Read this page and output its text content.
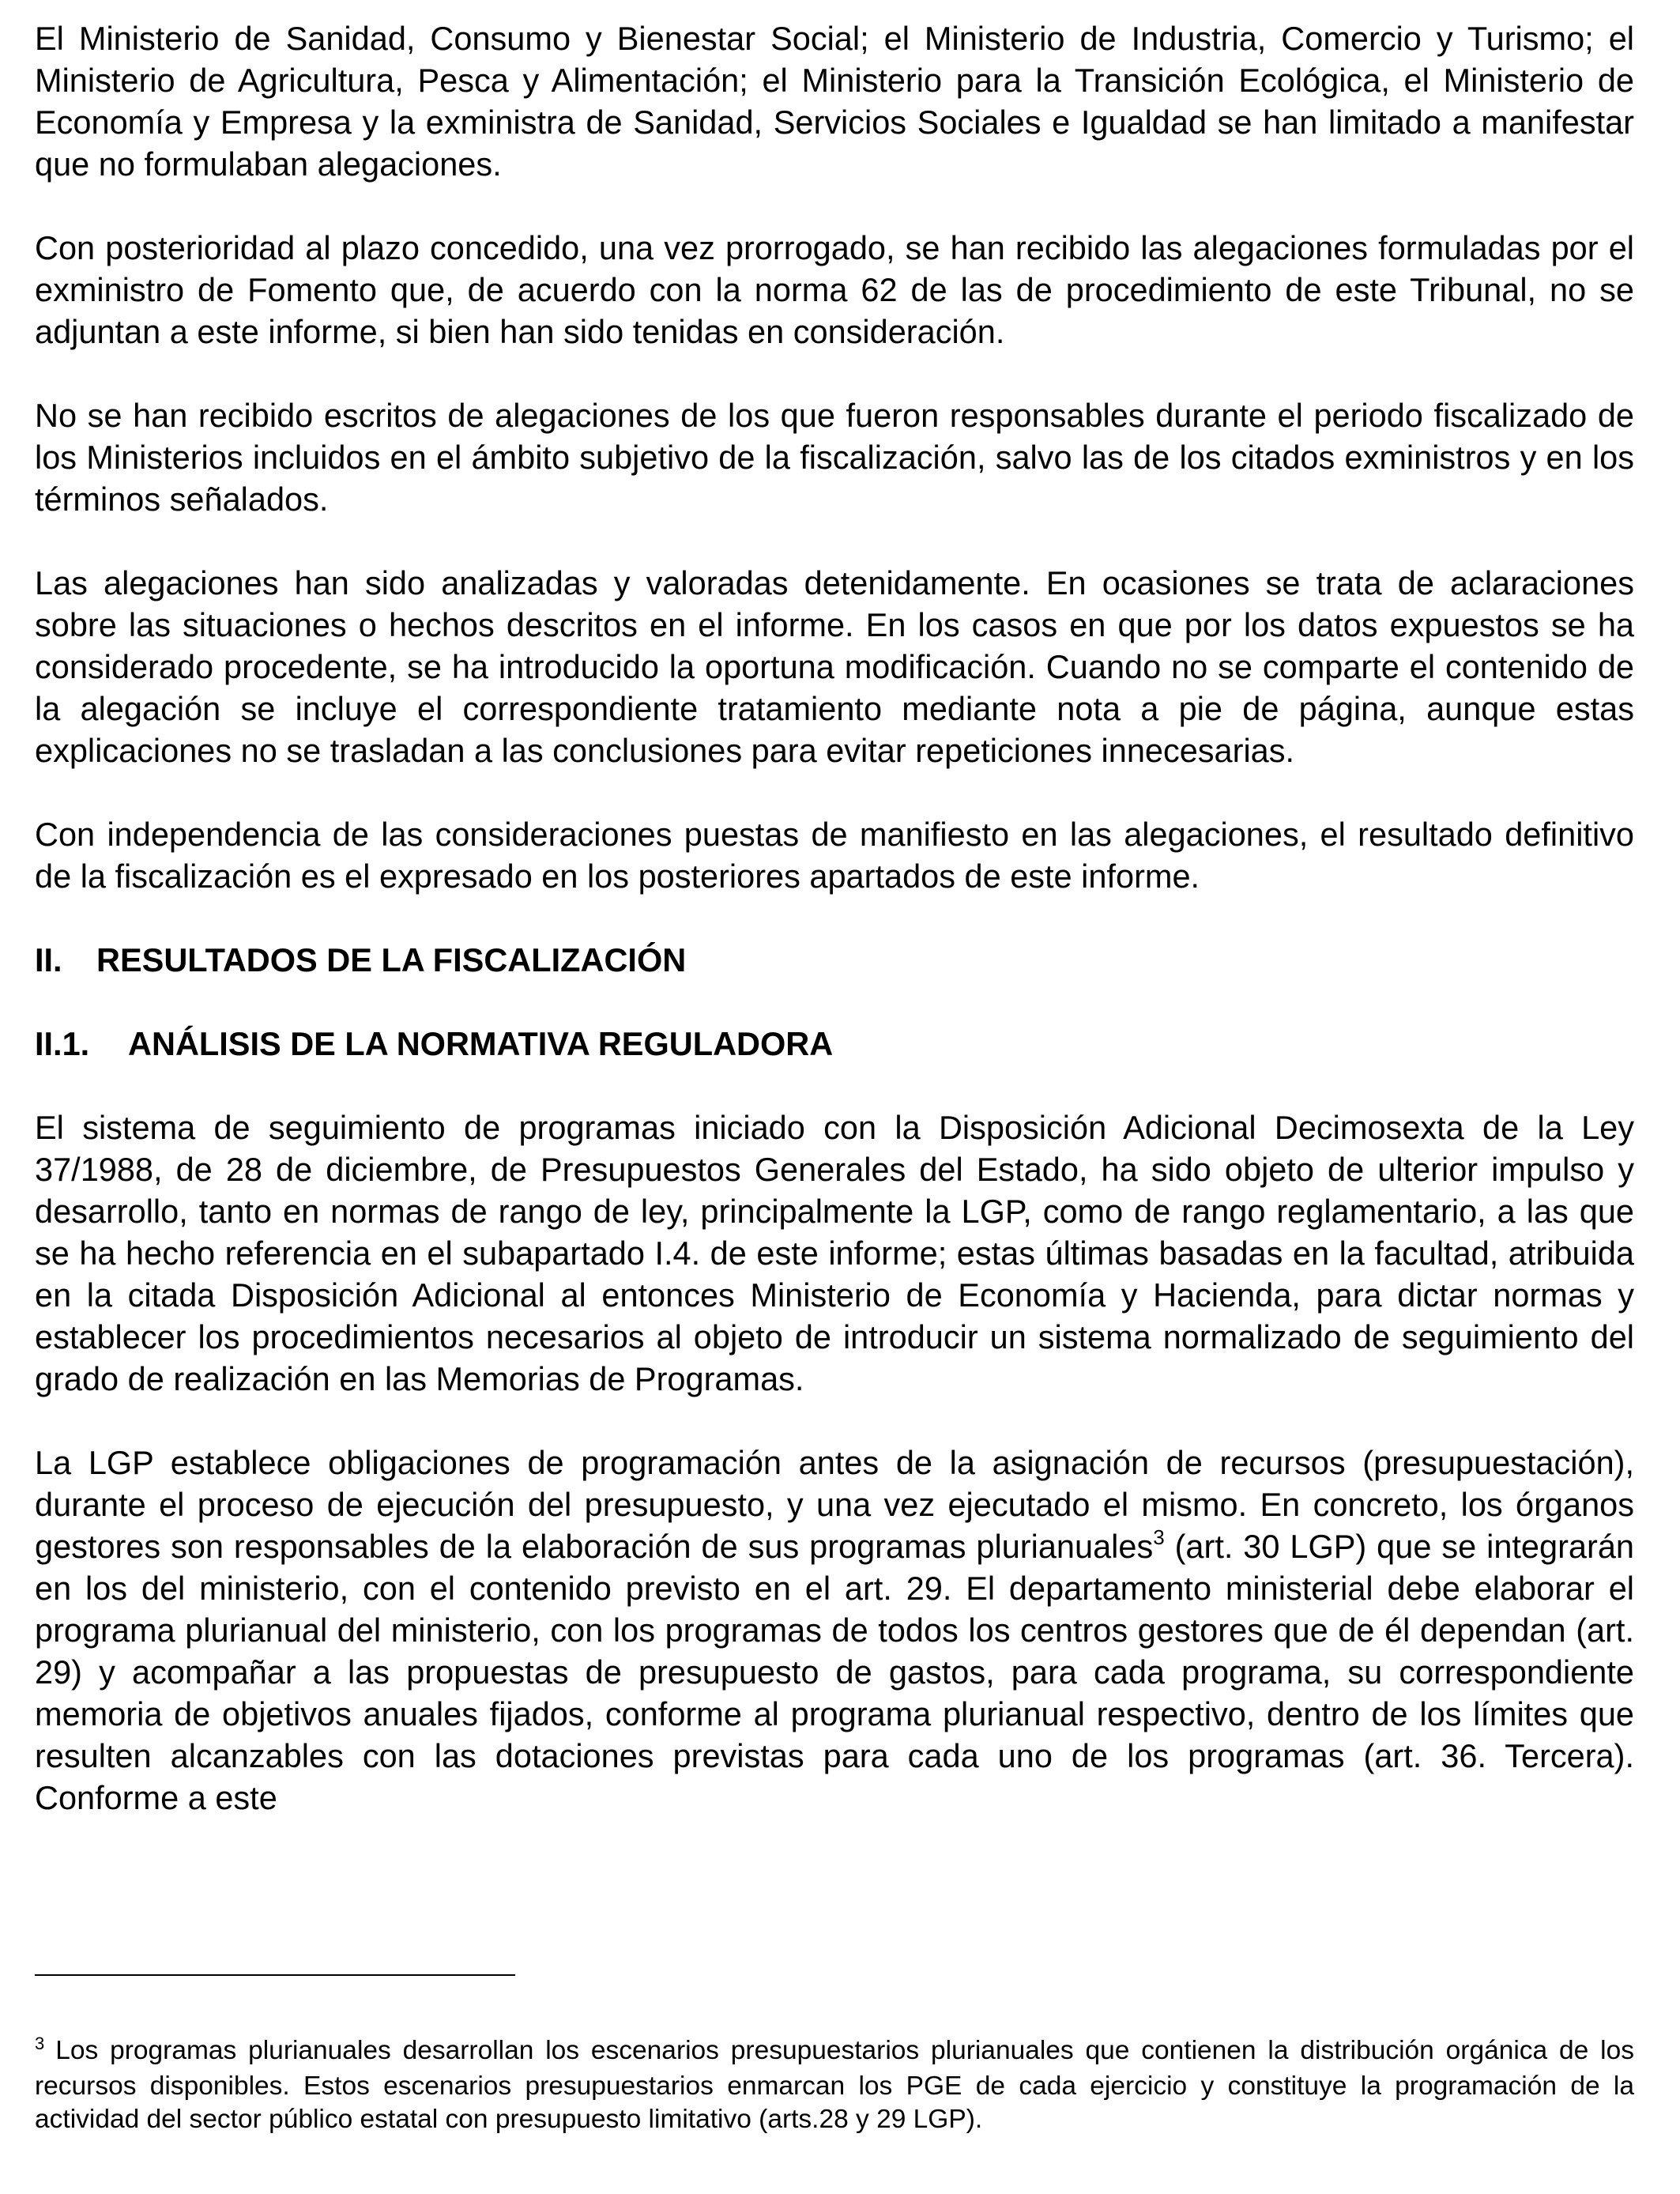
El Ministerio de Sanidad, Consumo y Bienestar Social; el Ministerio de Industria, Comercio y Turismo; el Ministerio de Agricultura, Pesca y Alimentación; el Ministerio para la Transición Ecológica, el Ministerio de Economía y Empresa y la exministra de Sanidad, Servicios Sociales e Igualdad se han limitado a manifestar que no formulaban alegaciones.

Con posterioridad al plazo concedido, una vez prorrogado, se han recibido las alegaciones formuladas por el exministro de Fomento que, de acuerdo con la norma 62 de las de procedimiento de este Tribunal, no se adjuntan a este informe, si bien han sido tenidas en consideración.

No se han recibido escritos de alegaciones de los que fueron responsables durante el periodo fiscalizado de los Ministerios incluidos en el ámbito subjetivo de la fiscalización, salvo las de los citados exministros y en los términos señalados.

Las alegaciones han sido analizadas y valoradas detenidamente. En ocasiones se trata de aclaraciones sobre las situaciones o hechos descritos en el informe. En los casos en que por los datos expuestos se ha considerado procedente, se ha introducido la oportuna modificación. Cuando no se comparte el contenido de la alegación se incluye el correspondiente tratamiento mediante nota a pie de página, aunque estas explicaciones no se trasladan a las conclusiones para evitar repeticiones innecesarias.

Con independencia de las consideraciones puestas de manifiesto en las alegaciones, el resultado definitivo de la fiscalización es el expresado en los posteriores apartados de este informe.

II. RESULTADOS DE LA FISCALIZACIÓN
II.1. ANÁLISIS DE LA NORMATIVA REGULADORA

El sistema de seguimiento de programas iniciado con la Disposición Adicional Decimosexta de la Ley 37/1988, de 28 de diciembre, de Presupuestos Generales del Estado, ha sido objeto de ulterior impulso y desarrollo, tanto en normas de rango de ley, principalmente la LGP, como de rango reglamentario, a las que se ha hecho referencia en el subapartado I.4. de este informe; estas últimas basadas en la facultad, atribuida en la citada Disposición Adicional al entonces Ministerio de Economía y Hacienda, para dictar normas y establecer los procedimientos necesarios al objeto de introducir un sistema normalizado de seguimiento del grado de realización en las Memorias de Programas.

La LGP establece obligaciones de programación antes de la asignación de recursos (presupuestación), durante el proceso de ejecución del presupuesto, y una vez ejecutado el mismo. En concreto, los órganos gestores son responsables de la elaboración de sus programas plurianuales$^3$ (art. 30 LGP) que se integrarán en los del ministerio, con el contenido previsto en el art. 29. El departamento ministerial debe elaborar el programa plurianual del ministerio, con los programas de todos los centros gestores que de él dependan (art. 29) y acompañar a las propuestas de presupuesto de gastos, para cada programa, su correspondiente memoria de objetivos anuales fijados, conforme al programa plurianual respectivo, dentro de los límites que resulten alcanzables con las dotaciones previstas para cada uno de los programas (art. 36. Tercera). Conforme a este

$^3$ Los programas plurianuales desarrollan los escenarios presupuestarios plurianuales que contienen la distribución orgánica de los recursos disponibles. Estos escenarios presupuestarios enmarcan los PGE de cada ejercicio y constituye la programación de la actividad del sector público estatal con presupuesto limitativo (arts.28 y 29 LGP).
